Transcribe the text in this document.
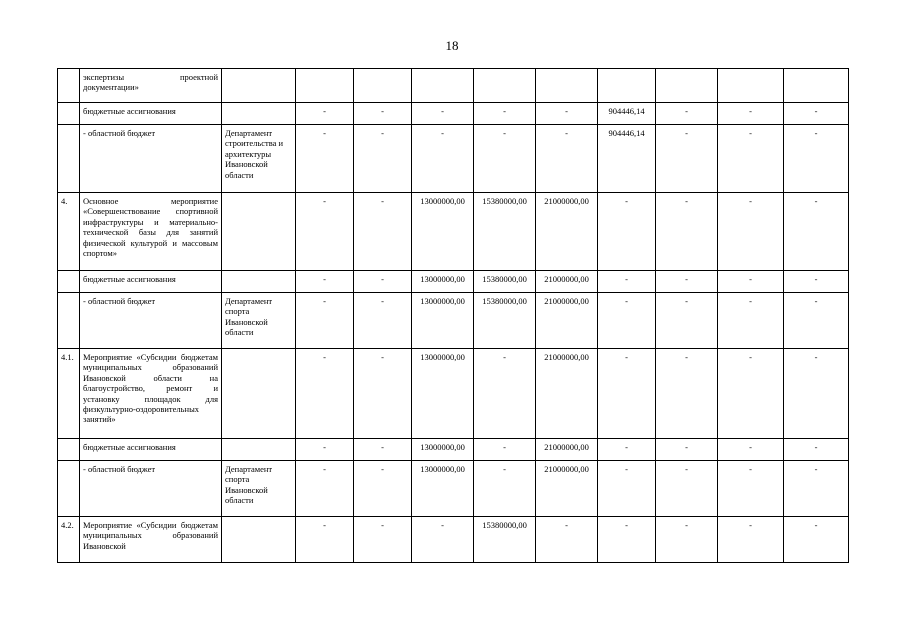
18
	экспертизы проектной документации»										
	бюджетные ассигнования		-	-	-	-	-	904446,14	-	-	-
	- областной бюджет	Департамент строительства и архитектуры Ивановской области	-	-	-	-	-	904446,14	-	-	-
4.	Основное мероприятие «Совершенствование спортивной инфраструктуры и материально-технической базы для занятий физической культурой и массовым спортом»		-	-	13000000,00	15380000,00	21000000,00	-	-	-	-
	бюджетные ассигнования		-	-	13000000,00	15380000,00	21000000,00	-	-	-	-
	- областной бюджет	Департамент спорта Ивановской области	-	-	13000000,00	15380000,00	21000000,00	-	-	-	-
4.1.	Мероприятие «Субсидии бюджетам муниципальных образований Ивановской области на благоустройство, ремонт и установку площадок для физкультурно-оздоровительных занятий»		-	-	13000000,00	-	21000000,00	-	-	-	-
	бюджетные ассигнования		-	-	13000000,00	-	21000000,00	-	-	-	-
	- областной бюджет	Департамент спорта Ивановской области	-	-	13000000,00	-	21000000,00	-	-	-	-
4.2.	Мероприятие «Субсидии бюджетам муниципальных образований Ивановской		-	-	-	15380000,00	-	-	-	-	-
